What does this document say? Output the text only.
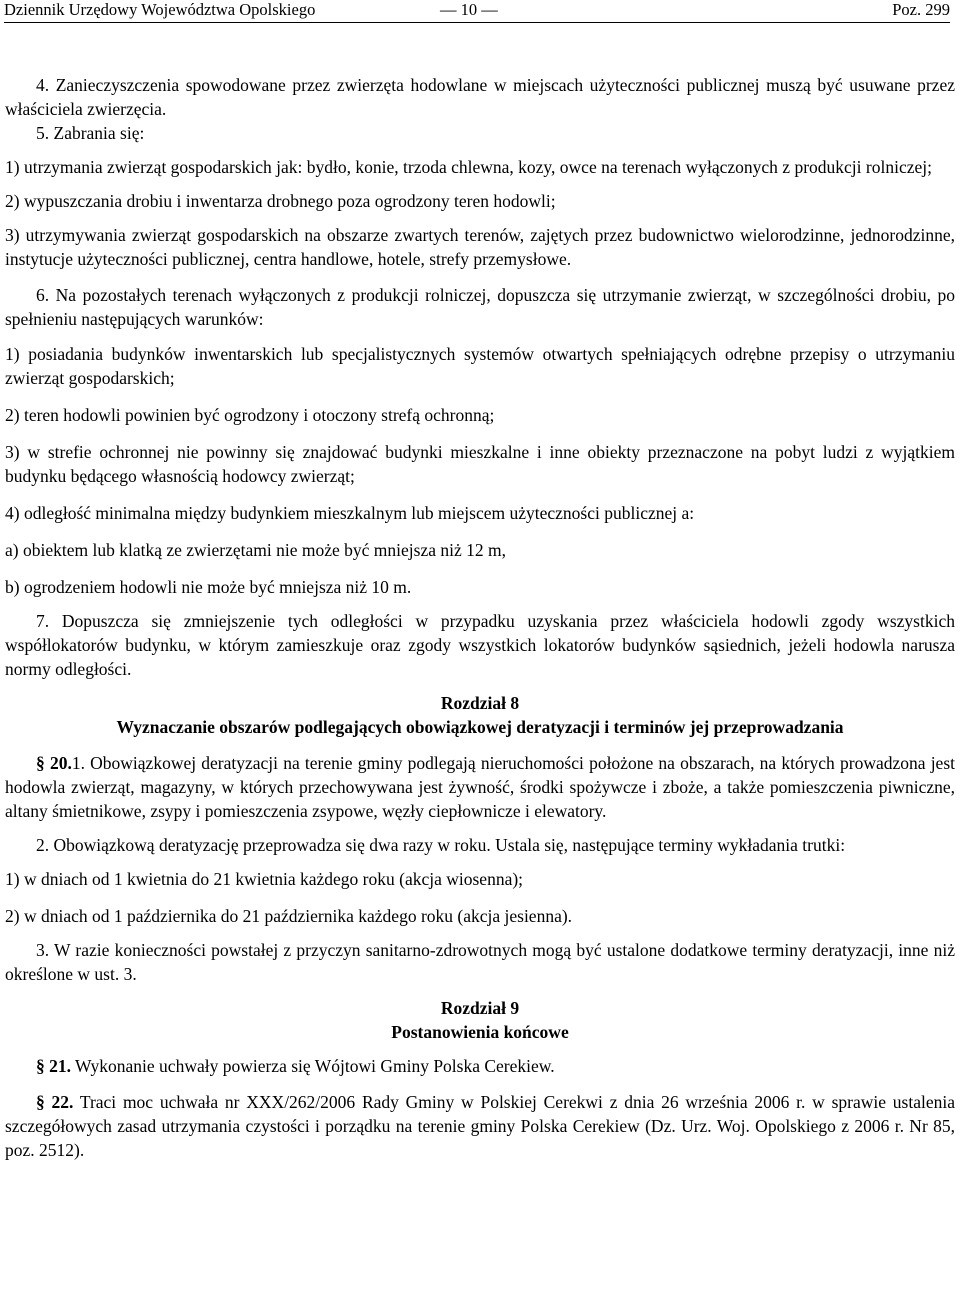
Dziennik Urzędowy Województwa Opolskiego	— 10 —	Poz. 299

4. Zanieczyszczenia spowodowane przez zwierzęta hodowlane w miejscach użyteczności publicznej muszą być usuwane przez właściciela zwierzęcia.

5. Zabrania się:

1) utrzymania zwierząt gospodarskich jak: bydło, konie, trzoda chlewna, kozy, owce na terenach wyłączonych z produkcji rolniczej;

2) wypuszczania drobiu i inwentarza drobnego poza ogrodzony teren hodowli;

3) utrzymywania zwierząt gospodarskich na obszarze zwartych terenów, zajętych przez budownictwo wielorodzinne, jednorodzinne, instytucje użyteczności publicznej, centra handlowe, hotele, strefy przemysłowe.

6. Na pozostałych terenach wyłączonych z produkcji rolniczej, dopuszcza się utrzymanie zwierząt, w szczególności drobiu, po spełnieniu następujących warunków:

1) posiadania budynków inwentarskich lub specjalistycznych systemów otwartych spełniających odrębne przepisy o utrzymaniu zwierząt gospodarskich;

2) teren hodowli powinien być ogrodzony i otoczony strefą ochronną;

3) w strefie ochronnej nie powinny się znajdować budynki mieszkalne i inne obiekty przeznaczone na pobyt ludzi z wyjątkiem budynku będącego własnością hodowcy zwierząt;

4) odległość minimalna między budynkiem mieszkalnym lub miejscem użyteczności publicznej a:

a) obiektem lub klatką ze zwierzętami nie może być mniejsza niż 12 m,

b) ogrodzeniem hodowli nie może być mniejsza niż 10 m.

7. Dopuszcza się zmniejszenie tych odległości w przypadku uzyskania przez właściciela hodowli zgody wszystkich współlokatorów budynku, w którym zamieszkuje oraz zgody wszystkich lokatorów budynków sąsiednich, jeżeli hodowla narusza normy odległości.

Rozdział 8

Wyznaczanie obszarów podlegających obowiązkowej deratyzacji i terminów jej przeprowadzania

§ 20.1. Obowiązkowej deratyzacji na terenie gminy podlegają nieruchomości położone na obszarach, na których prowadzona jest hodowla zwierząt, magazyny, w których przechowywana jest żywność, środki spożywcze i zboże, a także pomieszczenia piwniczne, altany śmietnikowe, zsypy i pomieszczenia zsypowe, węzły ciepłownicze i elewatory.

2. Obowiązkową deratyzację przeprowadza się dwa razy w roku. Ustala się, następujące terminy wykładania trutki:

1) w dniach od 1 kwietnia do 21 kwietnia każdego roku (akcja wiosenna);

2) w dniach od 1 października do 21 października każdego roku (akcja jesienna).

3. W razie konieczności powstałej z przyczyn sanitarno-zdrowotnych mogą być ustalone dodatkowe terminy deratyzacji, inne niż określone w ust. 3.

Rozdział 9

Postanowienia końcowe

§ 21. Wykonanie uchwały powierza się Wójtowi Gminy Polska Cerekiew.

§ 22. Traci moc uchwała nr XXX/262/2006 Rady Gminy w Polskiej Cerekwi z dnia 26 września 2006 r. w sprawie ustalenia szczegółowych zasad utrzymania czystości i porządku na terenie gminy Polska Cerekiew (Dz. Urz. Woj. Opolskiego z 2006 r. Nr 85, poz. 2512).
